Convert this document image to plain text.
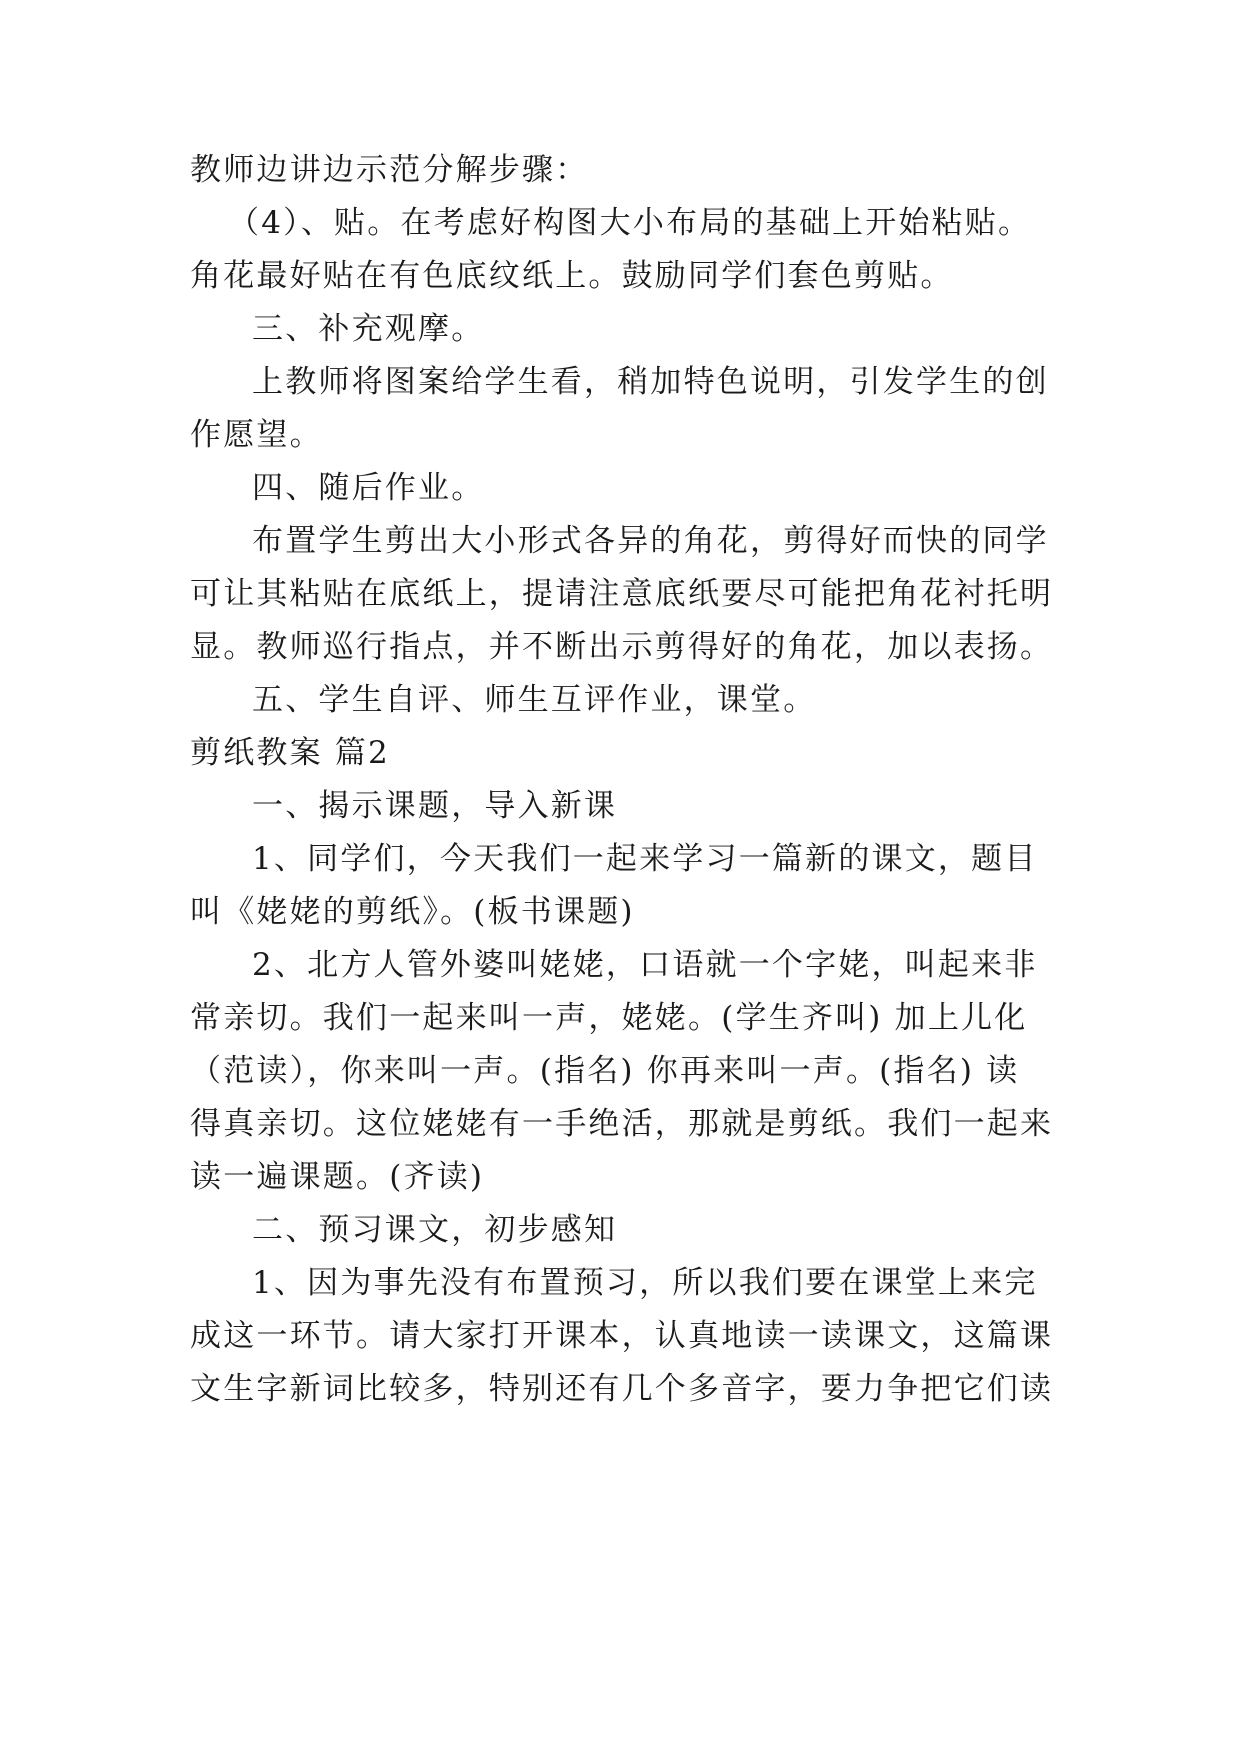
教师边讲边示范分解步骤：
（4）、贴。在考虑好构图大小布局的基础上开始粘贴。
角花最好贴在有色底纹纸上。鼓励同学们套色剪贴。
三、补充观摩。
上教师将图案给学生看，稍加特色说明，引发学生的创
作愿望。
四、随后作业。
布置学生剪出大小形式各异的角花，剪得好而快的同学
可让其粘贴在底纸上，提请注意底纸要尽可能把角花衬托明
显。教师巡行指点，并不断出示剪得好的角花，加以表扬。
五、学生自评、师生互评作业，课堂。
剪纸教案 篇2
一、揭示课题，导入新课
1、同学们，今天我们一起来学习一篇新的课文，题目
叫《姥姥的剪纸》。(板书课题)
2、北方人管外婆叫姥姥，口语就一个字姥，叫起来非
常亲切。我们一起来叫一声，姥姥。(学生齐叫) 加上儿化
（范读），你来叫一声。(指名) 你再来叫一声。(指名) 读
得真亲切。这位姥姥有一手绝活，那就是剪纸。我们一起来
读一遍课题。(齐读)
二、预习课文，初步感知
1、因为事先没有布置预习，所以我们要在课堂上来完
成这一环节。请大家打开课本，认真地读一读课文，这篇课
文生字新词比较多，特别还有几个多音字，要力争把它们读
